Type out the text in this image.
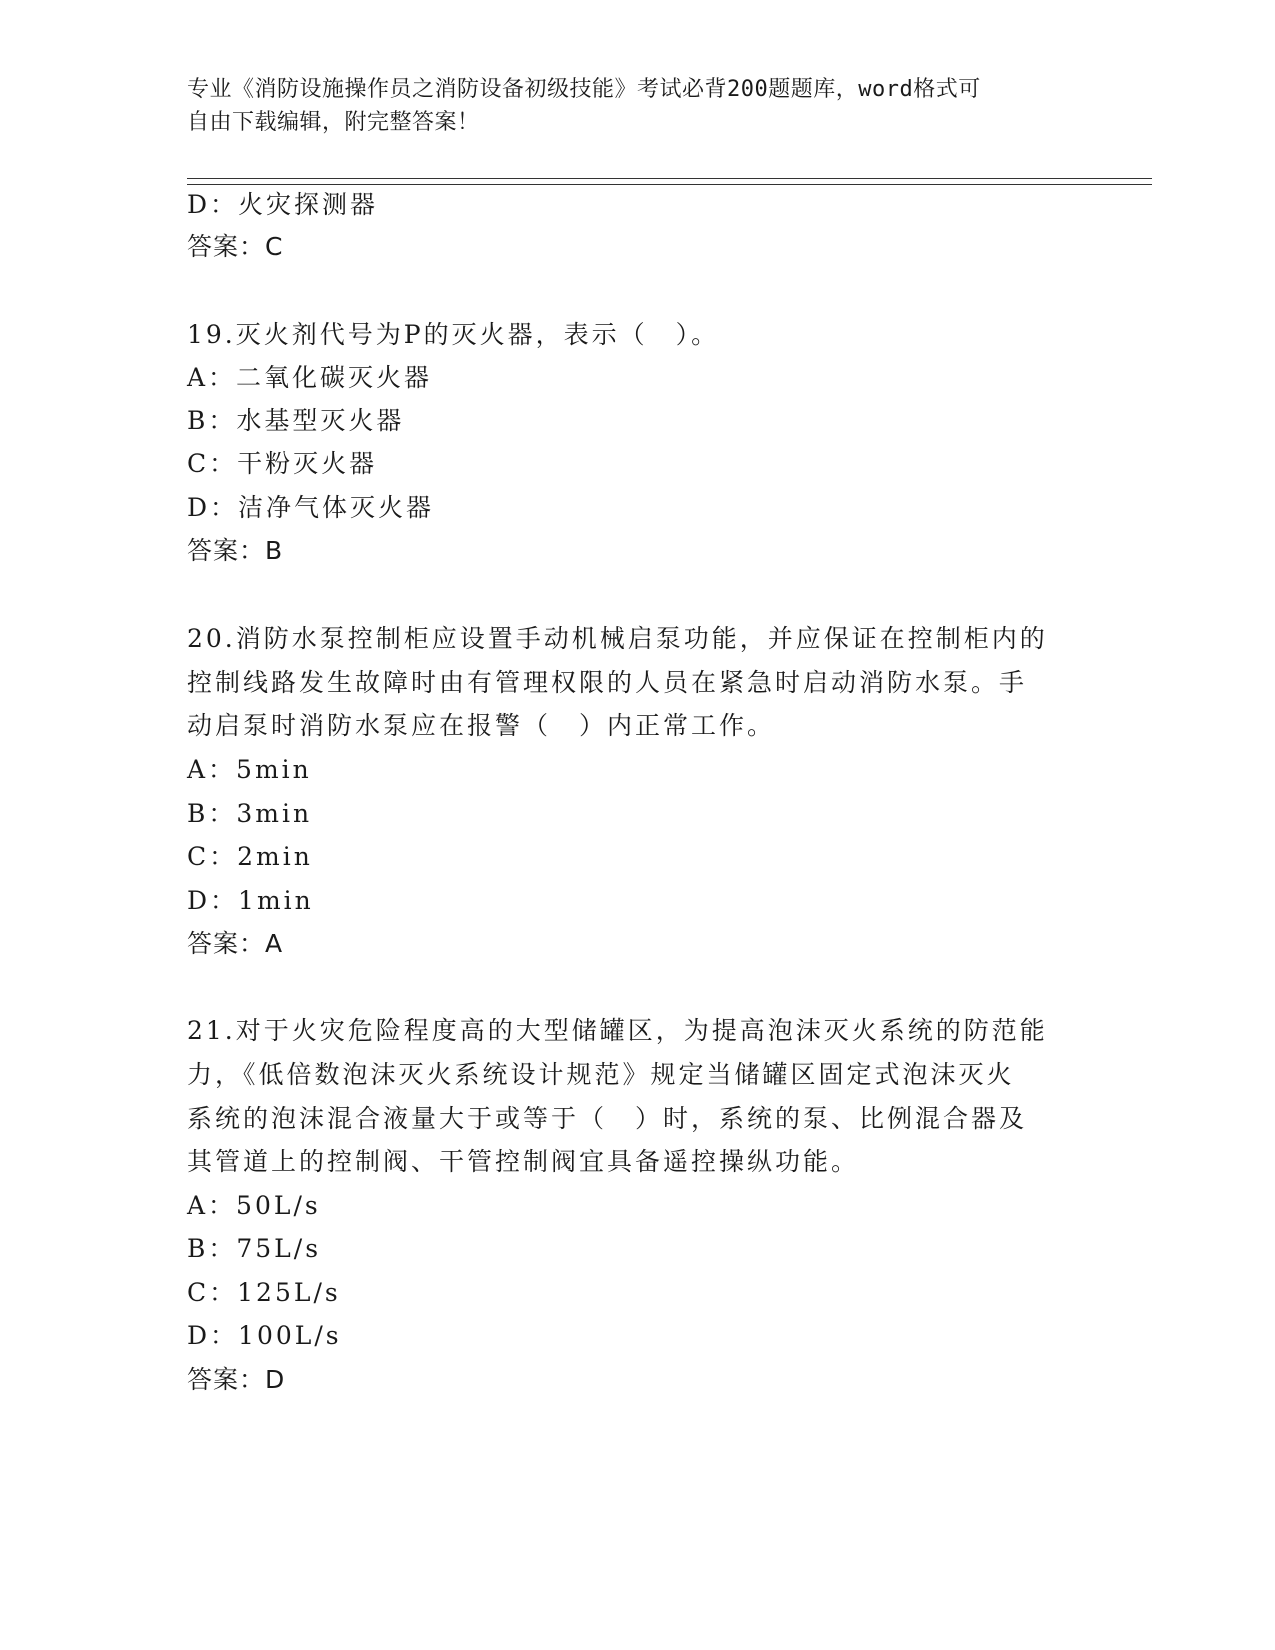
专业《消防设施操作员之消防设备初级技能》考试必背200题题库，word格式可
自由下载编辑，附完整答案！
D：火灾探测器
答案：C
19.灭火剂代号为P的灭火器，表示（　）。
A：二氧化碳灭火器
B：水基型灭火器
C：干粉灭火器
D：洁净气体灭火器
答案：B
20.消防水泵控制柜应设置手动机械启泵功能，并应保证在控制柜内的
控制线路发生故障时由有管理权限的人员在紧急时启动消防水泵。手
动启泵时消防水泵应在报警（　）内正常工作。
A：5min
B：3min
C：2min
D：1min
答案：A
21.对于火灾危险程度高的大型储罐区，为提高泡沫灭火系统的防范能
力，《低倍数泡沫灭火系统设计规范》规定当储罐区固定式泡沫灭火
系统的泡沫混合液量大于或等于（　）时，系统的泵、比例混合器及
其管道上的控制阀、干管控制阀宜具备遥控操纵功能。
A：50L/s
B：75L/s
C：125L/s
D：100L/s
答案：D
